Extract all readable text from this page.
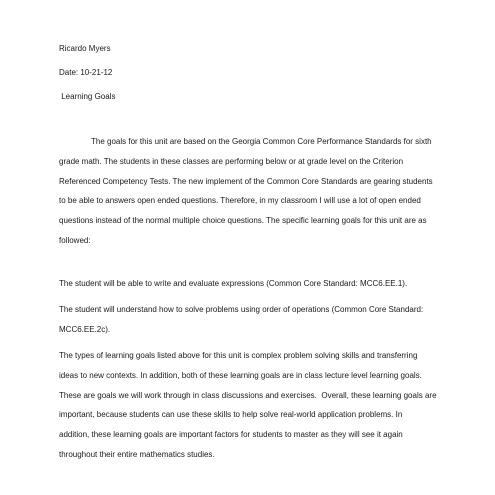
Ricardo Myers
Date: 10-21-12
Learning Goals
The goals for this unit are based on the Georgia Common Core Performance Standards for sixth
grade math. The students in these classes are performing below or at grade level on the Criterion
Referenced Competency Tests. The new implement of the Common Core Standards are gearing students
to be able to answers open ended questions. Therefore, in my classroom I will use a lot of open ended
questions instead of the normal multiple choice questions. The specific learning goals for this unit are as
followed:
The student will be able to write and evaluate expressions (Common Core Standard: MCC6.EE.1).
The student will understand how to solve problems using order of operations (Common Core Standard:
MCC6.EE.2c).
The types of learning goals listed above for this unit is complex problem solving skills and transferring
ideas to new contexts. In addition, both of these learning goals are in class lecture level learning goals.
These are goals we will work through in class discussions and exercises.  Overall, these learning goals are
important, because students can use these skills to help solve real-world application problems. In
addition, these learning goals are important factors for students to master as they will see it again
throughout their entire mathematics studies.
